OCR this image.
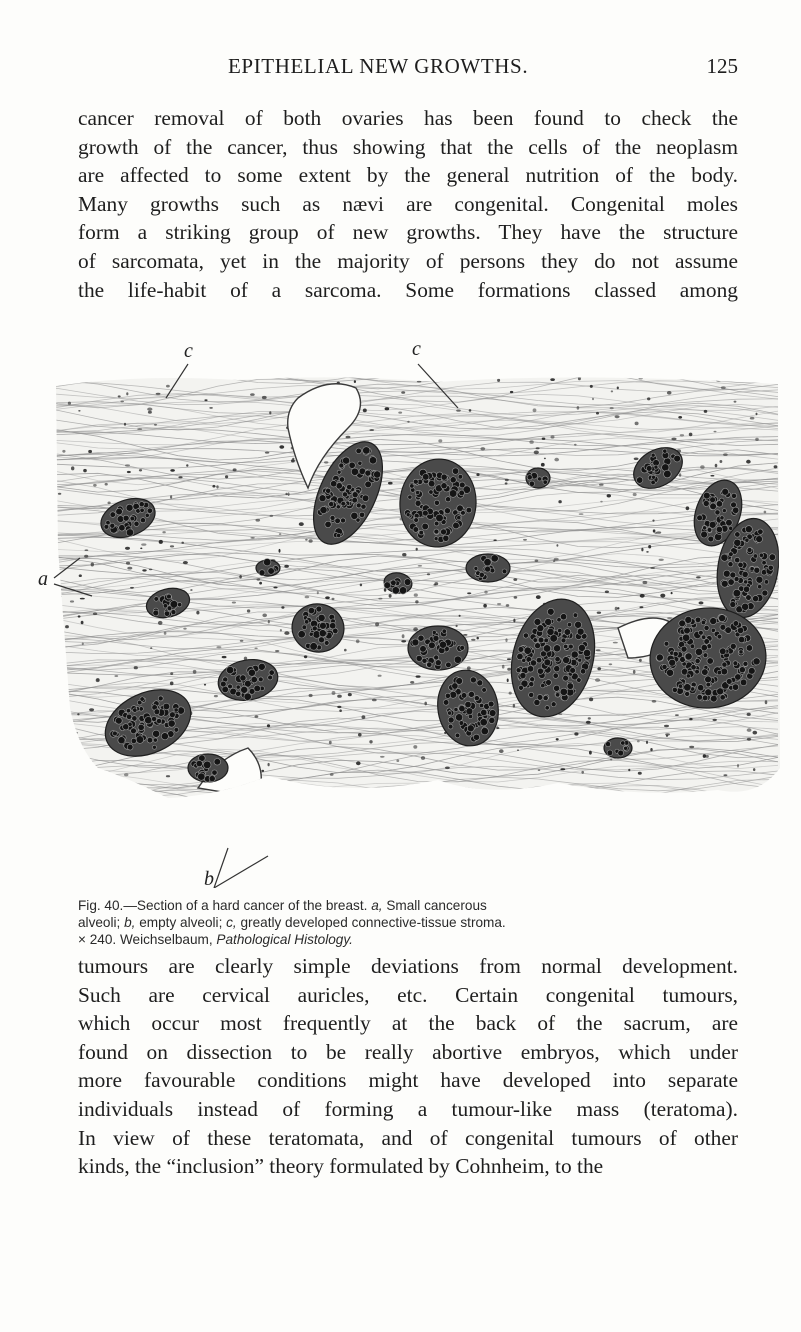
EPITHELIAL NEW GROWTHS.	125

cancer removal of both ovaries has been found to check the
growth of the cancer, thus showing that the cells of the neoplasm
are affected to some extent by the general nutrition of the body.
Many growths such as nævi are congenital. Congenital moles
form a striking group of new growths. They have the structure
of sarcomata, yet in the majority of persons they do not assume
the life-habit of a sarcoma. Some formations classed among

c	c
a
b

Fig. 40.—Section of a hard cancer of the breast. a, Small cancerous
alveoli; b, empty alveoli; c, greatly developed connective-tissue stroma.
× 240. Weichselbaum, Pathological Histology.

tumours are clearly simple deviations from normal development.
Such are cervical auricles, etc. Certain congenital tumours,
which occur most frequently at the back of the sacrum, are
found on dissection to be really abortive embryos, which under
more favourable conditions might have developed into separate
individuals instead of forming a tumour-like mass (teratoma).
In view of these teratomata, and of congenital tumours of other
kinds, the “inclusion” theory formulated by Cohnheim, to the
